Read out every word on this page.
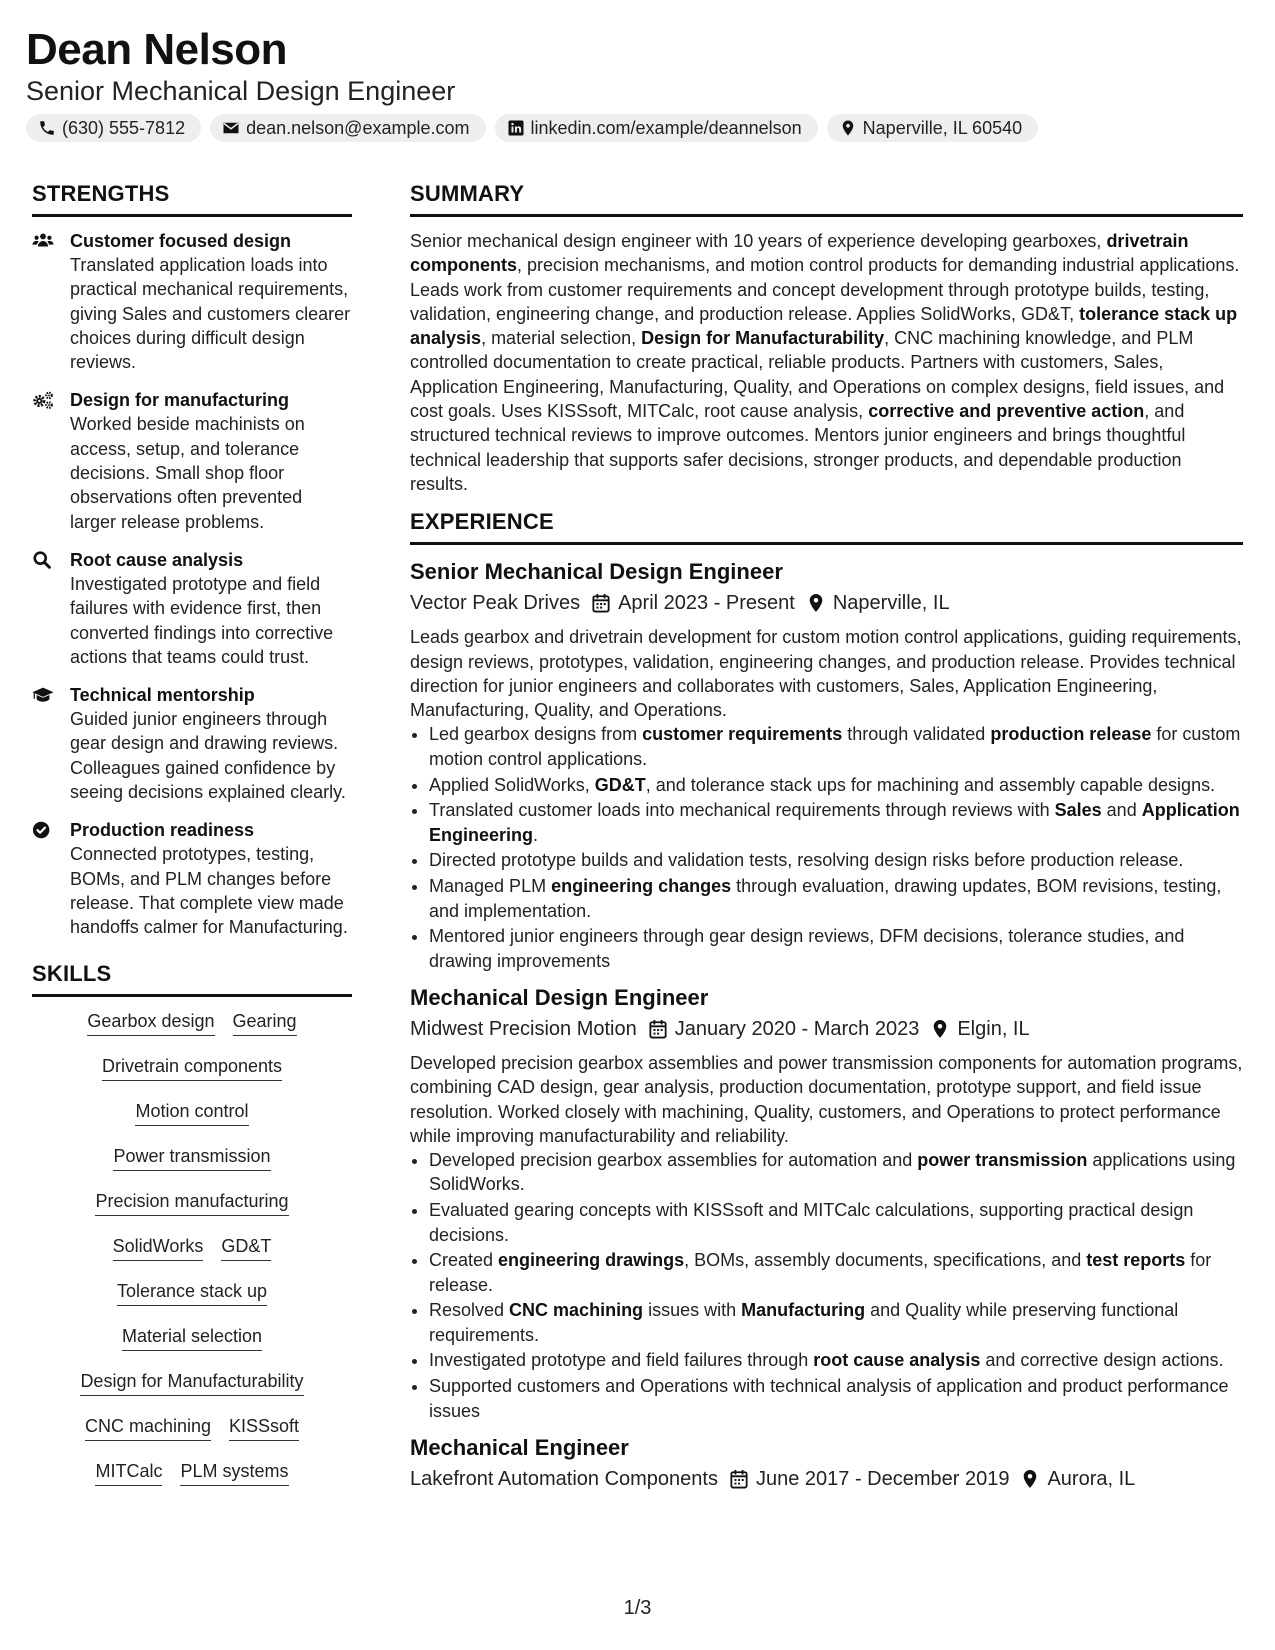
Dean Nelson
Senior Mechanical Design Engineer
(630) 555-7812	dean.nelson@example.com	linkedin.com/example/deannelson	Naperville, IL 60540
STRENGTHS
Customer focused design
Translated application loads into practical mechanical requirements, giving Sales and customers clearer choices during difficult design reviews.
Design for manufacturing
Worked beside machinists on access, setup, and tolerance decisions. Small shop floor observations often prevented larger release problems.
Root cause analysis
Investigated prototype and field failures with evidence first, then converted findings into corrective actions that teams could trust.
Technical mentorship
Guided junior engineers through gear design and drawing reviews. Colleagues gained confidence by seeing decisions explained clearly.
Production readiness
Connected prototypes, testing, BOMs, and PLM changes before release. That complete view made handoffs calmer for Manufacturing.
SKILLS
Gearbox design Gearing
Drivetrain components
Motion control
Power transmission
Precision manufacturing
SolidWorks GD&T
Tolerance stack up
Material selection
Design for Manufacturability
CNC machining KISSsoft
MITCalc PLM systems
SUMMARY

Senior mechanical design engineer with 10 years of experience developing gearboxes, drivetrain components, precision mechanisms, and motion control products for demanding industrial applications. Leads work from customer requirements and concept development through prototype builds, testing, validation, engineering change, and production release. Applies SolidWorks, GD&T, tolerance stack up analysis, material selection, Design for Manufacturability, CNC machining knowledge, and PLM controlled documentation to create practical, reliable products. Partners with customers, Sales, Application Engineering, Manufacturing, Quality, and Operations on complex designs, field issues, and cost goals. Uses KISSsoft, MITCalc, root cause analysis, corrective and preventive action, and structured technical reviews to improve outcomes. Mentors junior engineers and brings thoughtful technical leadership that supports safer decisions, stronger products, and dependable production results.

EXPERIENCE
Senior Mechanical Design Engineer
Vector Peak Drives April 2023 - Present Naperville, IL

Leads gearbox and drivetrain development for custom motion control applications, guiding requirements, design reviews, prototypes, validation, engineering changes, and production release. Provides technical direction for junior engineers and collaborates with customers, Sales, Application Engineering, Manufacturing, Quality, and Operations.

• Led gearbox designs from customer requirements through validated production release for custom motion control applications.
• Applied SolidWorks, GD&T, and tolerance stack ups for machining and assembly capable designs.
• Translated customer loads into mechanical requirements through reviews with Sales and Application Engineering.
• Directed prototype builds and validation tests, resolving design risks before production release.
• Managed PLM engineering changes through evaluation, drawing updates, BOM revisions, testing, and implementation.
• Mentored junior engineers through gear design reviews, DFM decisions, tolerance studies, and drawing improvements
Mechanical Design Engineer
Midwest Precision Motion January 2020 - March 2023 Elgin, IL

Developed precision gearbox assemblies and power transmission components for automation programs, combining CAD design, gear analysis, production documentation, prototype support, and field issue resolution. Worked closely with machining, Quality, customers, and Operations to protect performance while improving manufacturability and reliability.

• Developed precision gearbox assemblies for automation and power transmission applications using SolidWorks.
• Evaluated gearing concepts with KISSsoft and MITCalc calculations, supporting practical design decisions.
• Created engineering drawings, BOMs, assembly documents, specifications, and test reports for release.
• Resolved CNC machining issues with Manufacturing and Quality while preserving functional requirements.
• Investigated prototype and field failures through root cause analysis and corrective design actions.
• Supported customers and Operations with technical analysis of application and product performance issues
Mechanical Engineer
Lakefront Automation Components June 2017 - December 2019 Aurora, IL
1/3
